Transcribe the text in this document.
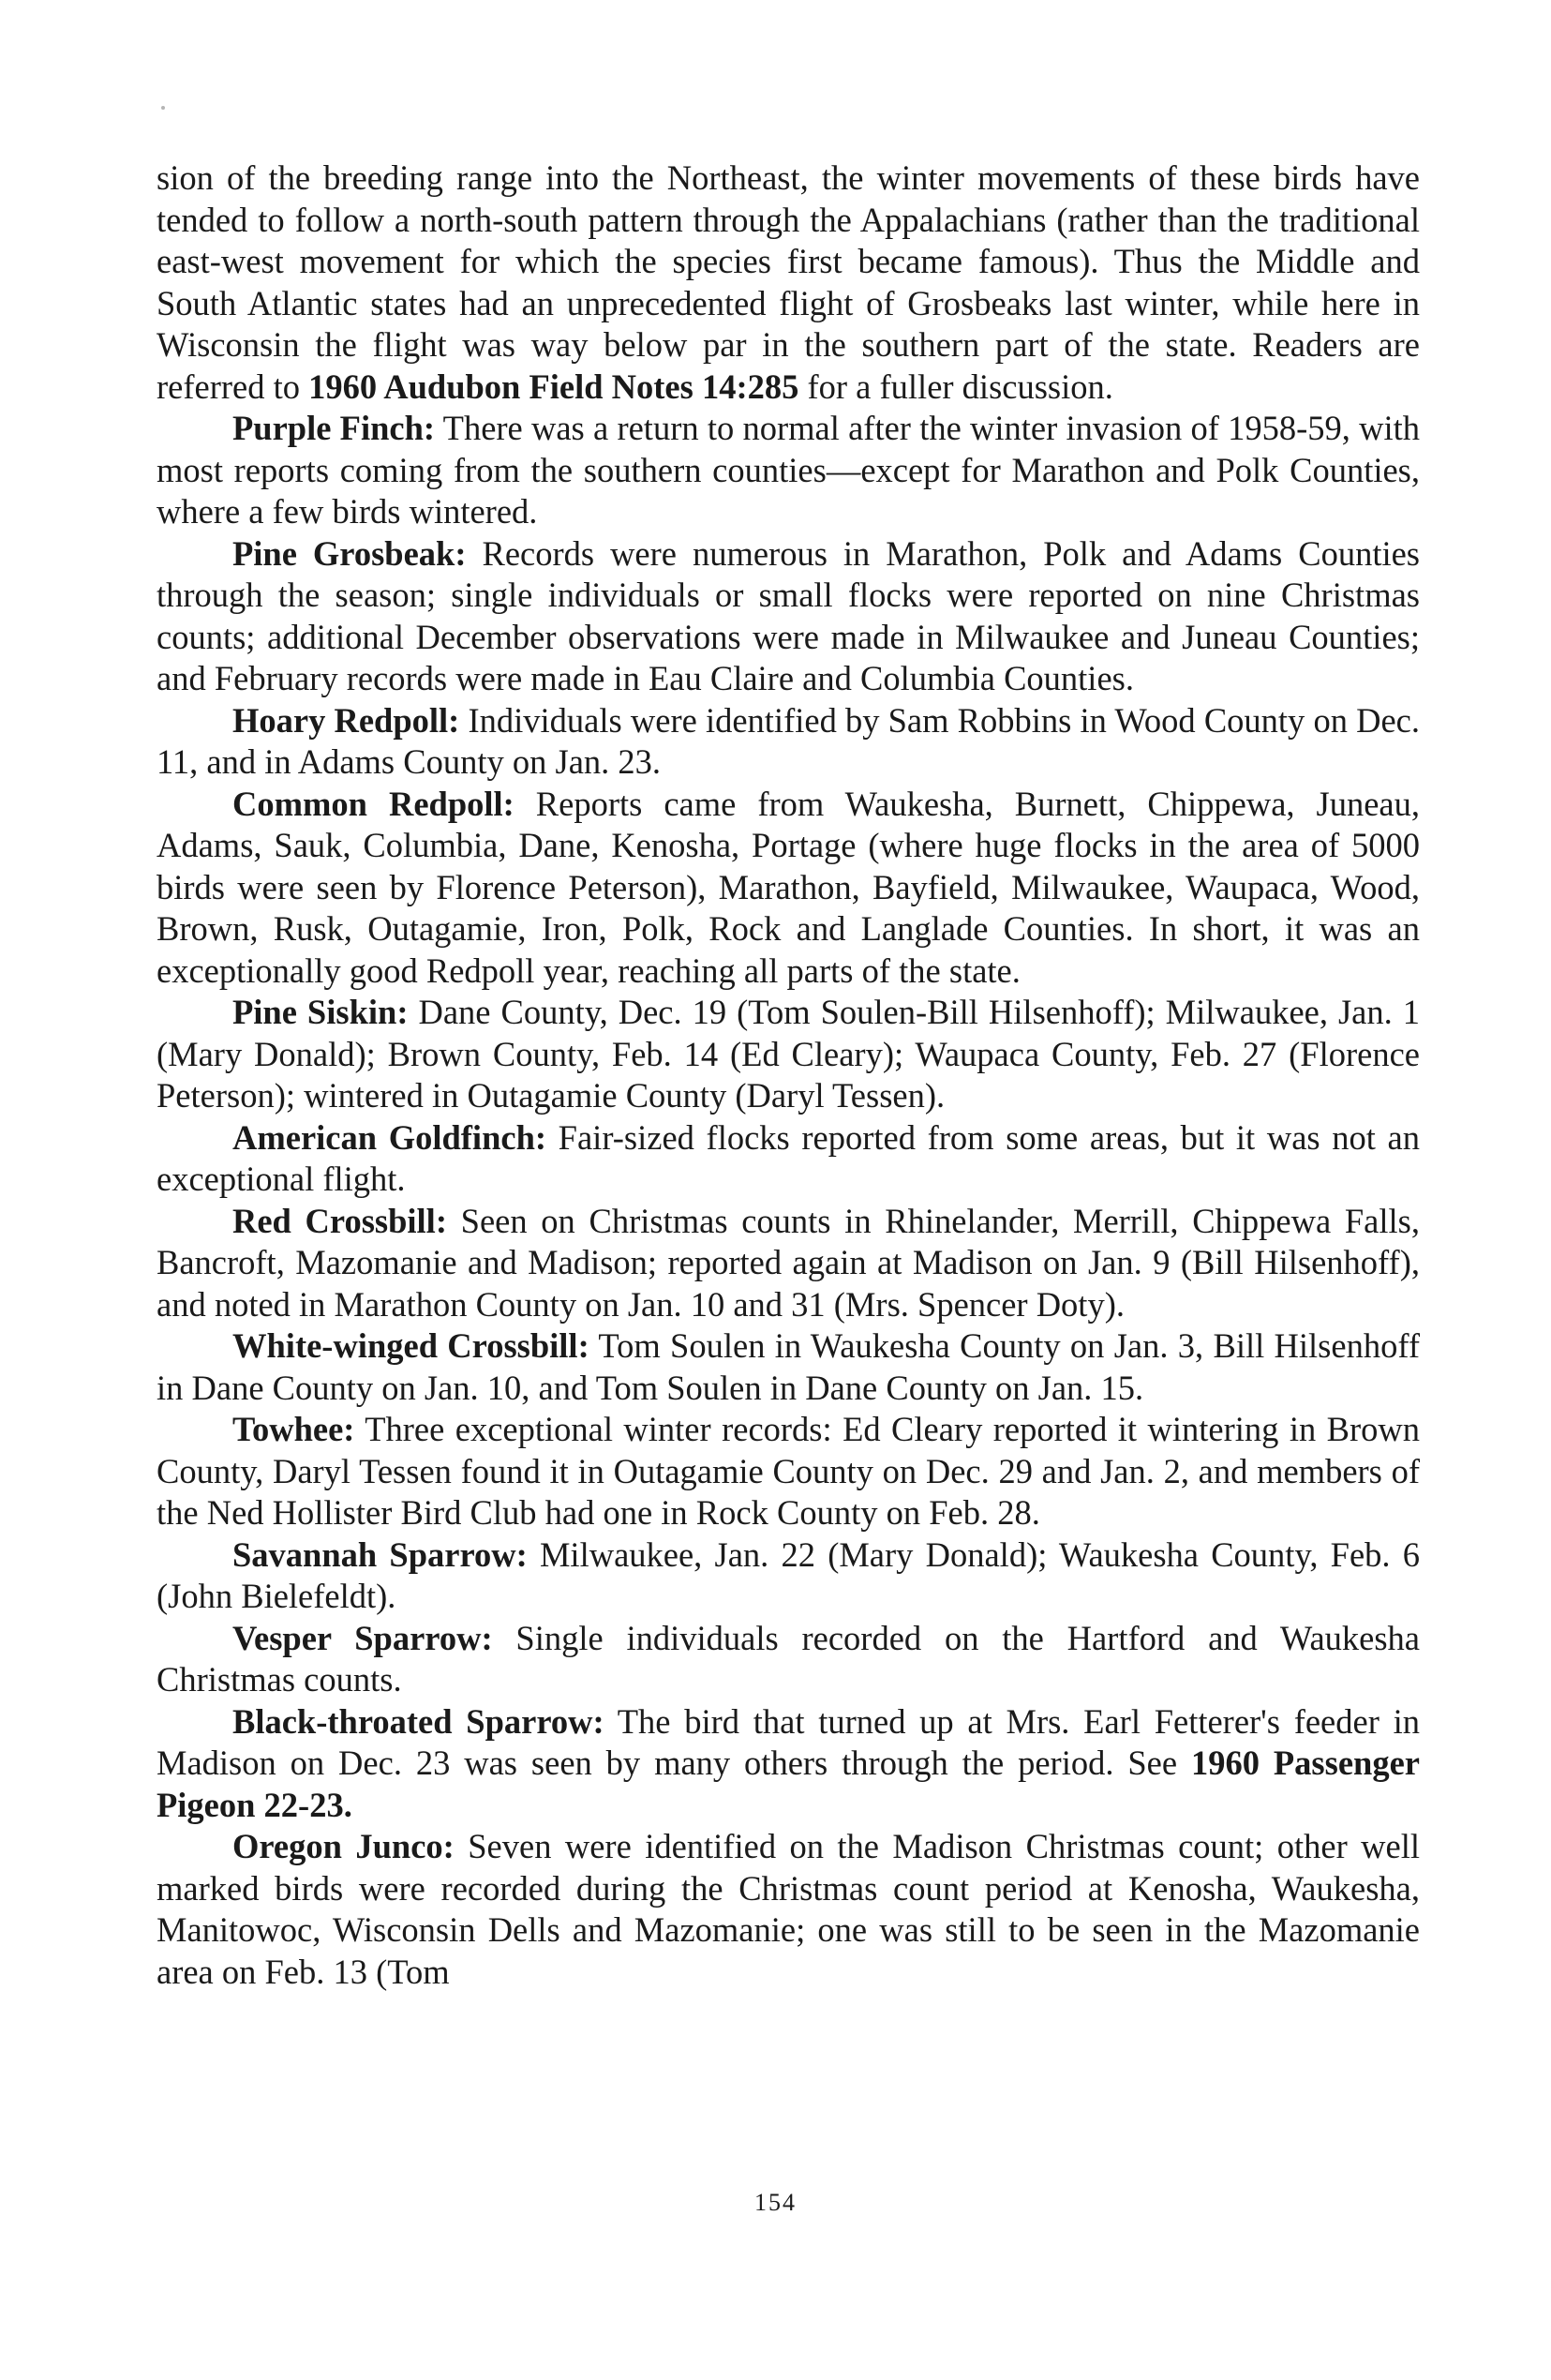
sion of the breeding range into the Northeast, the winter movements of these birds have tended to follow a north-south pattern through the Appalachians (rather than the traditional east-west movement for which the species first became famous). Thus the Middle and South Atlantic states had an unprecedented flight of Grosbeaks last winter, while here in Wisconsin the flight was way below par in the southern part of the state. Readers are referred to 1960 Audubon Field Notes 14:285 for a fuller discussion.

Purple Finch: There was a return to normal after the winter invasion of 1958-59, with most reports coming from the southern counties—except for Marathon and Polk Counties, where a few birds wintered.

Pine Grosbeak: Records were numerous in Marathon, Polk and Adams Counties through the season; single individuals or small flocks were reported on nine Christmas counts; additional December observations were made in Milwaukee and Juneau Counties; and February records were made in Eau Claire and Columbia Counties.

Hoary Redpoll: Individuals were identified by Sam Robbins in Wood County on Dec. 11, and in Adams County on Jan. 23.

Common Redpoll: Reports came from Waukesha, Burnett, Chippewa, Juneau, Adams, Sauk, Columbia, Dane, Kenosha, Portage (where huge flocks in the area of 5000 birds were seen by Florence Peterson), Marathon, Bayfield, Milwaukee, Waupaca, Wood, Brown, Rusk, Outagamie, Iron, Polk, Rock and Langlade Counties. In short, it was an exceptionally good Redpoll year, reaching all parts of the state.

Pine Siskin: Dane County, Dec. 19 (Tom Soulen-Bill Hilsenhoff); Milwaukee, Jan. 1 (Mary Donald); Brown County, Feb. 14 (Ed Cleary); Waupaca County, Feb. 27 (Florence Peterson); wintered in Outagamie County (Daryl Tessen).

American Goldfinch: Fair-sized flocks reported from some areas, but it was not an exceptional flight.

Red Crossbill: Seen on Christmas counts in Rhinelander, Merrill, Chippewa Falls, Bancroft, Mazomanie and Madison; reported again at Madison on Jan. 9 (Bill Hilsenhoff), and noted in Marathon County on Jan. 10 and 31 (Mrs. Spencer Doty).

White-winged Crossbill: Tom Soulen in Waukesha County on Jan. 3, Bill Hilsenhoff in Dane County on Jan. 10, and Tom Soulen in Dane County on Jan. 15.

Towhee: Three exceptional winter records: Ed Cleary reported it wintering in Brown County, Daryl Tessen found it in Outagamie County on Dec. 29 and Jan. 2, and members of the Ned Hollister Bird Club had one in Rock County on Feb. 28.

Savannah Sparrow: Milwaukee, Jan. 22 (Mary Donald); Waukesha County, Feb. 6 (John Bielefeldt).

Vesper Sparrow: Single individuals recorded on the Hartford and Waukesha Christmas counts.

Black-throated Sparrow: The bird that turned up at Mrs. Earl Fetterer's feeder in Madison on Dec. 23 was seen by many others through the period. See 1960 Passenger Pigeon 22-23.

Oregon Junco: Seven were identified on the Madison Christmas count; other well marked birds were recorded during the Christmas count period at Kenosha, Waukesha, Manitowoc, Wisconsin Dells and Mazomanie; one was still to be seen in the Mazomanie area on Feb. 13 (Tom

154
